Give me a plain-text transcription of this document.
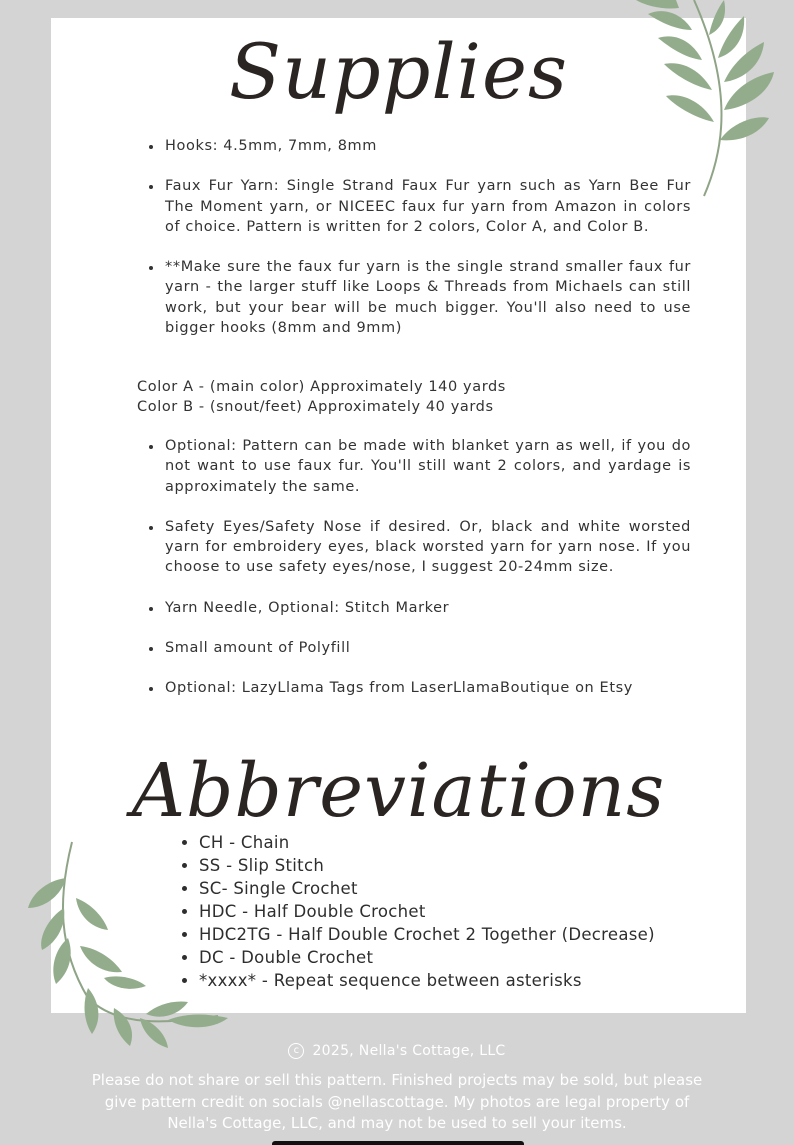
Supplies
• Hooks: 4.5mm, 7mm, 8mm
• Faux Fur Yarn: Single Strand Faux Fur yarn such as Yarn Bee Fur The Moment yarn, or NICEEC faux fur yarn from Amazon in colors of choice. Pattern is written for 2 colors, Color A, and Color B.
• **Make sure the faux fur yarn is the single strand smaller faux fur yarn - the larger stuff like Loops & Threads from Michaels can still work, but your bear will be much bigger. You'll also need to use bigger hooks (8mm and 9mm)
Color A - (main color) Approximately 140 yards
Color B - (snout/feet) Approximately 40 yards
• Optional: Pattern can be made with blanket yarn as well, if you do not want to use faux fur. You'll still want 2 colors, and yardage is approximately the same.
• Safety Eyes/Safety Nose if desired. Or, black and white worsted yarn for embroidery eyes, black worsted yarn for yarn nose. If you choose to use safety eyes/nose, I suggest 20-24mm size.
• Yarn Needle, Optional: Stitch Marker
• Small amount of Polyfill
• Optional: LazyLlama Tags from LaserLlamaBoutique on Etsy
Abbreviations
• CH - Chain
• SS - Slip Stitch
• SC- Single Crochet
• HDC - Half Double Crochet
• HDC2TG - Half Double Crochet 2 Together (Decrease)
• DC - Double Crochet
• *xxxx* - Repeat sequence between asterisks
c 2025, Nella's Cottage, LLC
Please do not share or sell this pattern. Finished projects may be sold, but please give pattern credit on socials @nellascottage. My photos are legal property of Nella's Cottage, LLC, and may not be used to sell your items.
